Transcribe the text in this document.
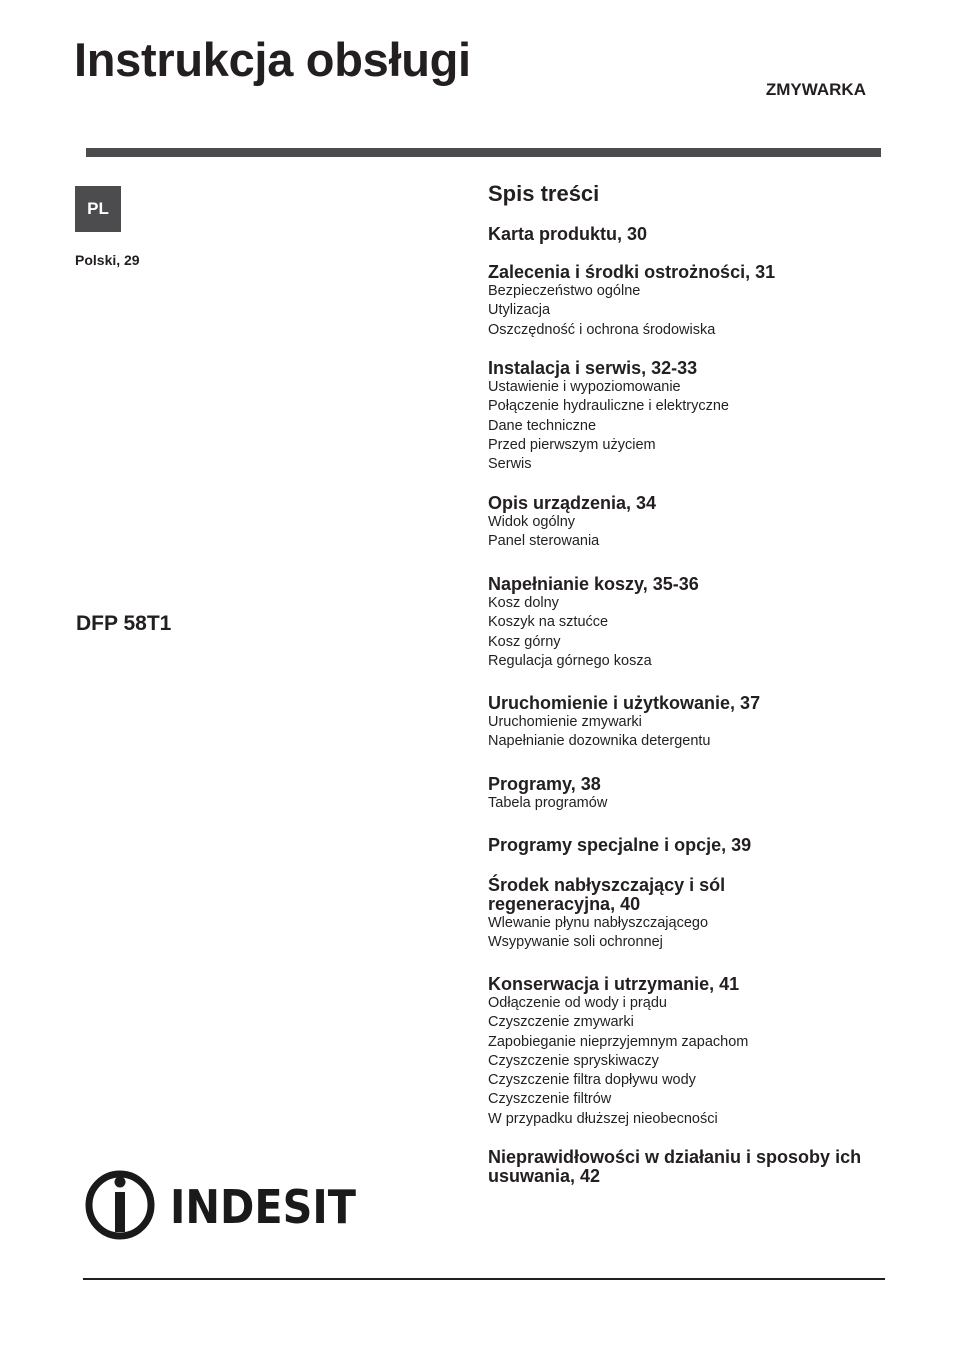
Instrukcja obsługi
ZMYWARKA
PL
Polski, 29
DFP 58T1
Spis treści
Karta produktu, 30
Zalecenia i środki ostrożności, 31
Bezpieczeństwo ogólne
Utylizacja
Oszczędność i ochrona środowiska
Instalacja i serwis, 32-33
Ustawienie i wypoziomowanie
Połączenie hydrauliczne i elektryczne
Dane techniczne
Przed pierwszym użyciem
Serwis
Opis urządzenia, 34
Widok ogólny
Panel sterowania
Napełnianie koszy, 35-36
Kosz dolny
Koszyk na sztućce
Kosz górny
Regulacja górnego kosza
Uruchomienie i użytkowanie, 37
Uruchomienie zmywarki
Napełnianie dozownika detergentu
Programy, 38
Tabela programów
Programy specjalne i opcje, 39
Środek nabłyszczający i sól regeneracyjna, 40
Wlewanie płynu nabłyszczającego
Wsypywanie soli ochronnej
Konserwacja i utrzymanie, 41
Odłączenie od wody i prądu
Czyszczenie zmywarki
Zapobieganie nieprzyjemnym zapachom
Czyszczenie spryskiwaczy
Czyszczenie filtra dopływu wody
Czyszczenie filtrów
W przypadku dłuższej nieobecności
Nieprawidłowości w działaniu i sposoby ich usuwania, 42
INDESIT
